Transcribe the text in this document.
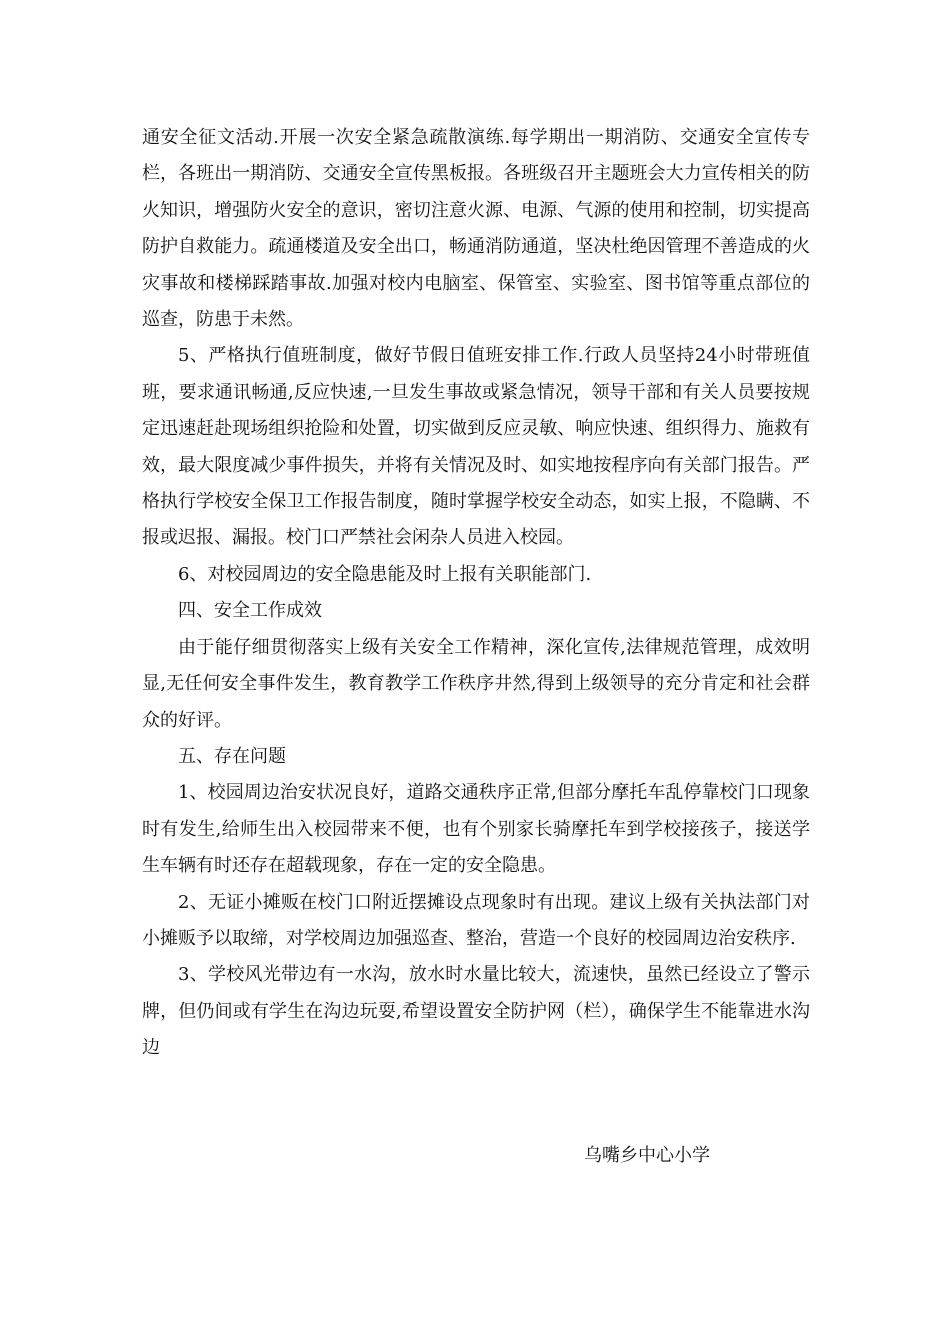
通安全征文活动.开展一次安全紧急疏散演练.每学期出一期消防、交通安全宣传专栏，各班出一期消防、交通安全宣传黑板报。各班级召开主题班会大力宣传相关的防火知识，增强防火安全的意识，密切注意火源、电源、气源的使用和控制，切实提高防护自救能力。疏通楼道及安全出口，畅通消防通道，坚决杜绝因管理不善造成的火灾事故和楼梯踩踏事故.加强对校内电脑室、保管室、实验室、图书馆等重点部位的巡查，防患于未然。

5、严格执行值班制度，做好节假日值班安排工作.行政人员坚持24小时带班值班，要求通讯畅通,反应快速,一旦发生事故或紧急情况，领导干部和有关人员要按规定迅速赶赴现场组织抢险和处置，切实做到反应灵敏、响应快速、组织得力、施救有效，最大限度减少事件损失，并将有关情况及时、如实地按程序向有关部门报告。严格执行学校安全保卫工作报告制度，随时掌握学校安全动态，如实上报，不隐瞒、不报或迟报、漏报。校门口严禁社会闲杂人员进入校园。

6、对校园周边的安全隐患能及时上报有关职能部门.

四、安全工作成效

由于能仔细贯彻落实上级有关安全工作精神，深化宣传,法律规范管理，成效明显,无任何安全事件发生，教育教学工作秩序井然,得到上级领导的充分肯定和社会群众的好评。

五、存在问题

1、校园周边治安状况良好，道路交通秩序正常,但部分摩托车乱停靠校门口现象时有发生,给师生出入校园带来不便，也有个别家长骑摩托车到学校接孩子，接送学生车辆有时还存在超载现象，存在一定的安全隐患。

2、无证小摊贩在校门口附近摆摊设点现象时有出现。建议上级有关执法部门对小摊贩予以取缔，对学校周边加强巡查、整治，营造一个良好的校园周边治安秩序.

3、学校风光带边有一水沟，放水时水量比较大，流速快，虽然已经设立了警示牌，但仍间或有学生在沟边玩耍,希望设置安全防护网（栏），确保学生不能靠进水沟边

乌嘴乡中心小学
